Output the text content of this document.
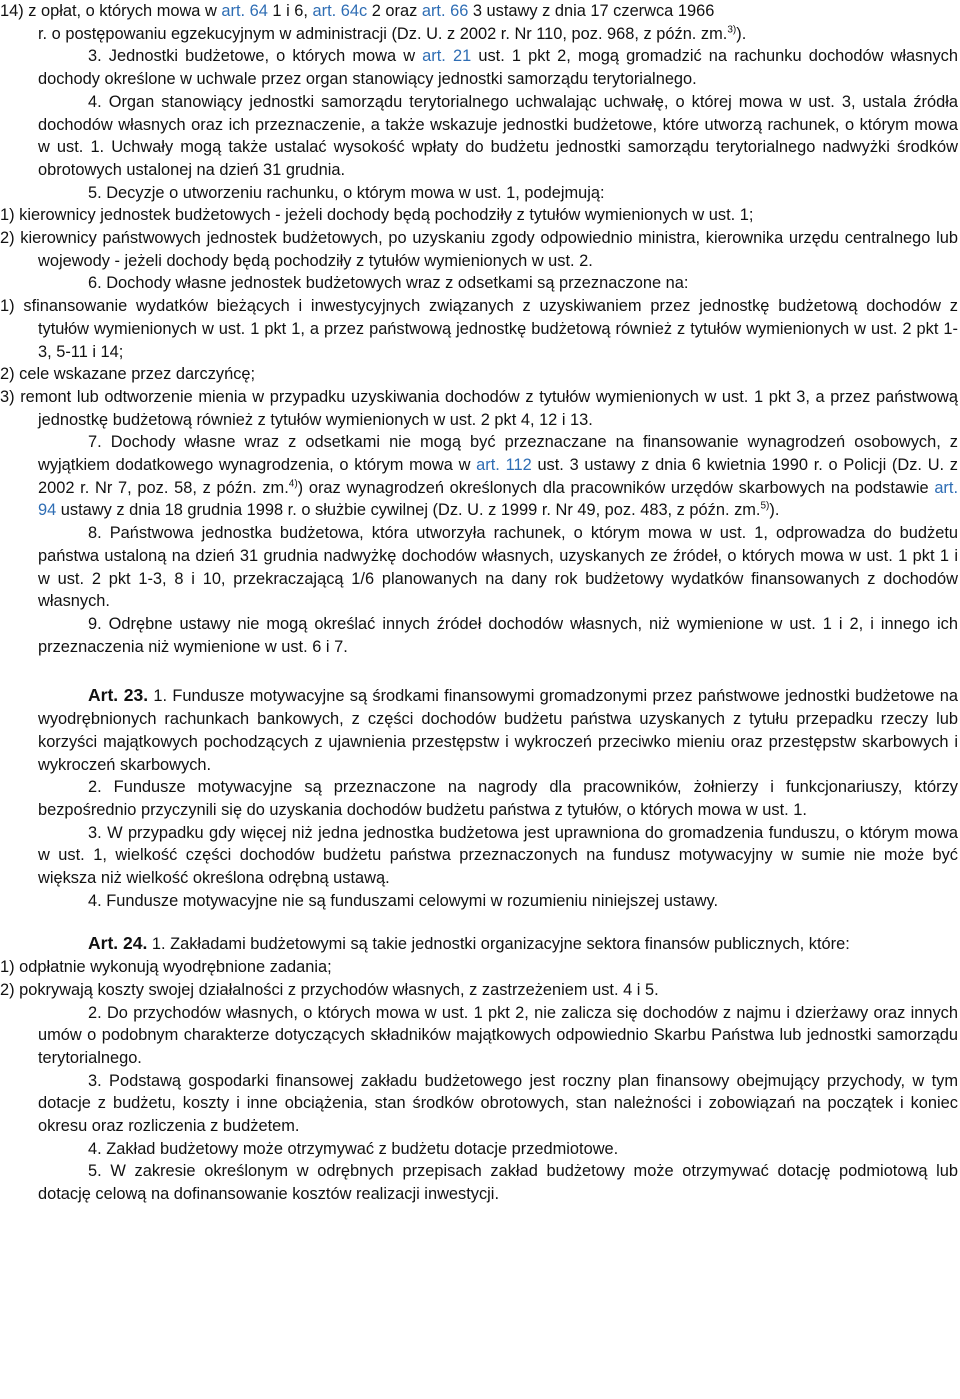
14) z opłat, o których mowa w art. 64 1 i 6, art. 64c 2 oraz art. 66 3 ustawy z dnia 17 czerwca 1966

r. o postępowaniu egzekucyjnym w administracji (Dz. U. z 2002 r. Nr 110, poz. 968, z późn. zm.$^{3)}$).

3. Jednostki budżetowe, o których mowa w art. 21 ust. 1 pkt 2, mogą gromadzić na rachunku dochodów własnych dochody określone w uchwale przez organ stanowiący jednostki samorządu terytorialnego.

4. Organ stanowiący jednostki samorządu terytorialnego uchwalając uchwałę, o której mowa w ust. 3, ustala źródła dochodów własnych oraz ich przeznaczenie, a także wskazuje jednostki budżetowe, które utworzą rachunek, o którym mowa w ust. 1. Uchwały mogą także ustalać wysokość wpłaty do budżetu jednostki samorządu terytorialnego nadwyżki środków obrotowych ustalonej na dzień 31 grudnia.

5. Decyzje o utworzeniu rachunku, o którym mowa w ust. 1, podejmują:

1) kierownicy jednostek budżetowych - jeżeli dochody będą pochodziły z tytułów wymienionych w ust. 1;

2) kierownicy państwowych jednostek budżetowych, po uzyskaniu zgody odpowiednio ministra, kierownika urzędu centralnego lub wojewody - jeżeli dochody będą pochodziły z tytułów wymienionych w ust. 2.

6. Dochody własne jednostek budżetowych wraz z odsetkami są przeznaczone na:

1) sfinansowanie wydatków bieżących i inwestycyjnych związanych z uzyskiwaniem przez jednostkę budżetową dochodów z tytułów wymienionych w ust. 1 pkt 1, a przez państwową jednostkę budżetową również z tytułów wymienionych w ust. 2 pkt 1-3, 5-11 i 14;

2) cele wskazane przez darczyńcę;

3) remont lub odtworzenie mienia w przypadku uzyskiwania dochodów z tytułów wymienionych w ust. 1 pkt 3, a przez państwową jednostkę budżetową również z tytułów wymienionych w ust. 2 pkt 4, 12 i 13.

7. Dochody własne wraz z odsetkami nie mogą być przeznaczane na finansowanie wynagrodzeń osobowych, z wyjątkiem dodatkowego wynagrodzenia, o którym mowa w art. 112 ust. 3 ustawy z dnia 6 kwietnia 1990 r. o Policji (Dz. U. z 2002 r. Nr 7, poz. 58, z późn. zm.$^{4)}$) oraz wynagrodzeń określonych dla pracowników urzędów skarbowych na podstawie art. 94 ustawy z dnia 18 grudnia 1998 r. o służbie cywilnej (Dz. U. z 1999 r. Nr 49, poz. 483, z późn. zm.$^{5)}$).

8. Państwowa jednostka budżetowa, która utworzyła rachunek, o którym mowa w ust. 1, odprowadza do budżetu państwa ustaloną na dzień 31 grudnia nadwyżkę dochodów własnych, uzyskanych ze źródeł, o których mowa w ust. 1 pkt 1 i w ust. 2 pkt 1-3, 8 i 10, przekraczającą 1/6 planowanych na dany rok budżetowy wydatków finansowanych z dochodów własnych.

9. Odrębne ustawy nie mogą określać innych źródeł dochodów własnych, niż wymienione w ust. 1 i 2, i innego ich przeznaczenia niż wymienione w ust. 6 i 7.

Art. 23. 1. Fundusze motywacyjne są środkami finansowymi gromadzonymi przez państwowe jednostki budżetowe na wyodrębnionych rachunkach bankowych, z części dochodów budżetu państwa uzyskanych z tytułu przepadku rzeczy lub korzyści majątkowych pochodzących z ujawnienia przestępstw i wykroczeń przeciwko mieniu oraz przestępstw skarbowych i wykroczeń skarbowych.

2. Fundusze motywacyjne są przeznaczone na nagrody dla pracowników, żołnierzy i funkcjonariuszy, którzy bezpośrednio przyczynili się do uzyskania dochodów budżetu państwa z tytułów, o których mowa w ust. 1.

3. W przypadku gdy więcej niż jedna jednostka budżetowa jest uprawniona do gromadzenia funduszu, o którym mowa w ust. 1, wielkość części dochodów budżetu państwa przeznaczonych na fundusz motywacyjny w sumie nie może być większa niż wielkość określona odrębną ustawą.

4. Fundusze motywacyjne nie są funduszami celowymi w rozumieniu niniejszej ustawy.

Art. 24. 1. Zakładami budżetowymi są takie jednostki organizacyjne sektora finansów publicznych, które:

1) odpłatnie wykonują wyodrębnione zadania;

2) pokrywają koszty swojej działalności z przychodów własnych, z zastrzeżeniem ust. 4 i 5.

2. Do przychodów własnych, o których mowa w ust. 1 pkt 2, nie zalicza się dochodów z najmu i dzierżawy oraz innych umów o podobnym charakterze dotyczących składników majątkowych odpowiednio Skarbu Państwa lub jednostki samorządu terytorialnego.

3. Podstawą gospodarki finansowej zakładu budżetowego jest roczny plan finansowy obejmujący przychody, w tym dotacje z budżetu, koszty i inne obciążenia, stan środków obrotowych, stan należności i zobowiązań na początek i koniec okresu oraz rozliczenia z budżetem.

4. Zakład budżetowy może otrzymywać z budżetu dotacje przedmiotowe.

5. W zakresie określonym w odrębnych przepisach zakład budżetowy może otrzymywać dotację podmiotową lub dotację celową na dofinansowanie kosztów realizacji inwestycji.
